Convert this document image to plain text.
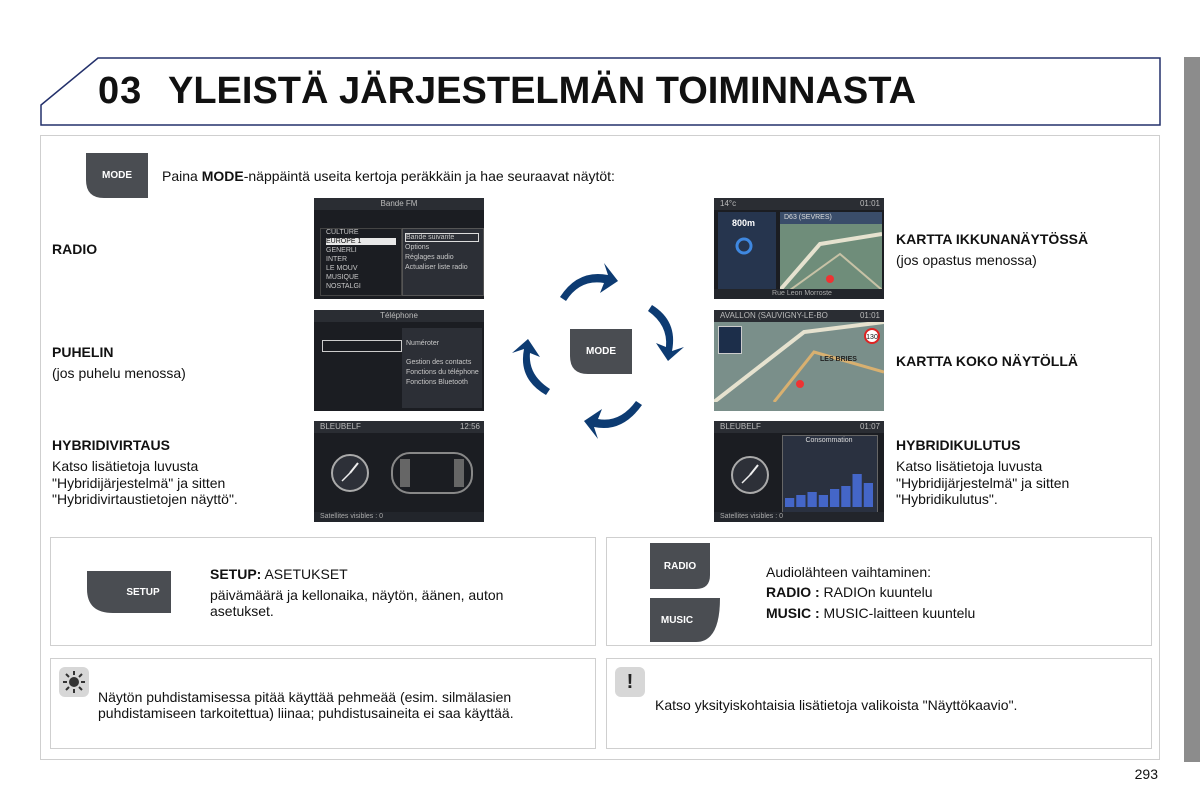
03 YLEISTÄ JÄRJESTELMÄN TOIMINNASTA
MODE Paina MODE-näppäintä useita kertoja peräkkäin ja hae seuraavat näytöt:
RADIO
PUHELIN
(jos puhelu menossa)
HYBRIDIVIRTAUS
Katso lisätietoja luvusta
"Hybridijärjestelmä" ja sitten
"Hybridivirtaustietojen näyttö".
KARTTA IKKUNANÄYTÖSSÄ
(jos opastus menossa)
KARTTA KOKO NÄYTÖLLÄ
HYBRIDIKULUTUS
Katso lisätietoja luvusta
"Hybridijärjestelmä" ja sitten
"Hybridikulutus".
Bande FM
CULTURE
EUROPE 1
GENERLI
INTER
LE MOUV
MUSIQUE
NOSTALGI
Bande suivante
Options
Réglages audio
Actualiser liste radio
Téléphone
Numéroter
Gestion des contacts
Fonctions du téléphone
Fonctions Bluetooth
BLEUBELF	12:56
Satellites visibles : 0
14°c	01:01
800m
D63 (SEVRES)
Rue Leon Morroste
AVALLON (SAUVIGNY-LE-BO	01:01
LES BRIES
130
BLEUBELF	01:07
Consommation
Satellites visibles : 0
MODE
SETUP
SETUP: ASETUKSET
päivämäärä ja kellonaika, näytön, äänen, auton
asetukset.
RADIO
MUSIC
Audiolähteen vaihtaminen:
RADIO : RADIOn kuuntelu
MUSIC : MUSIC-laitteen kuuntelu
Näytön puhdistamisessa pitää käyttää pehmeää (esim. silmälasien
puhdistamiseen tarkoitettua) liinaa; puhdistusaineita ei saa käyttää.
!
Katso yksityiskohtaisia lisätietoja valikoista "Näyttökaavio".
293
